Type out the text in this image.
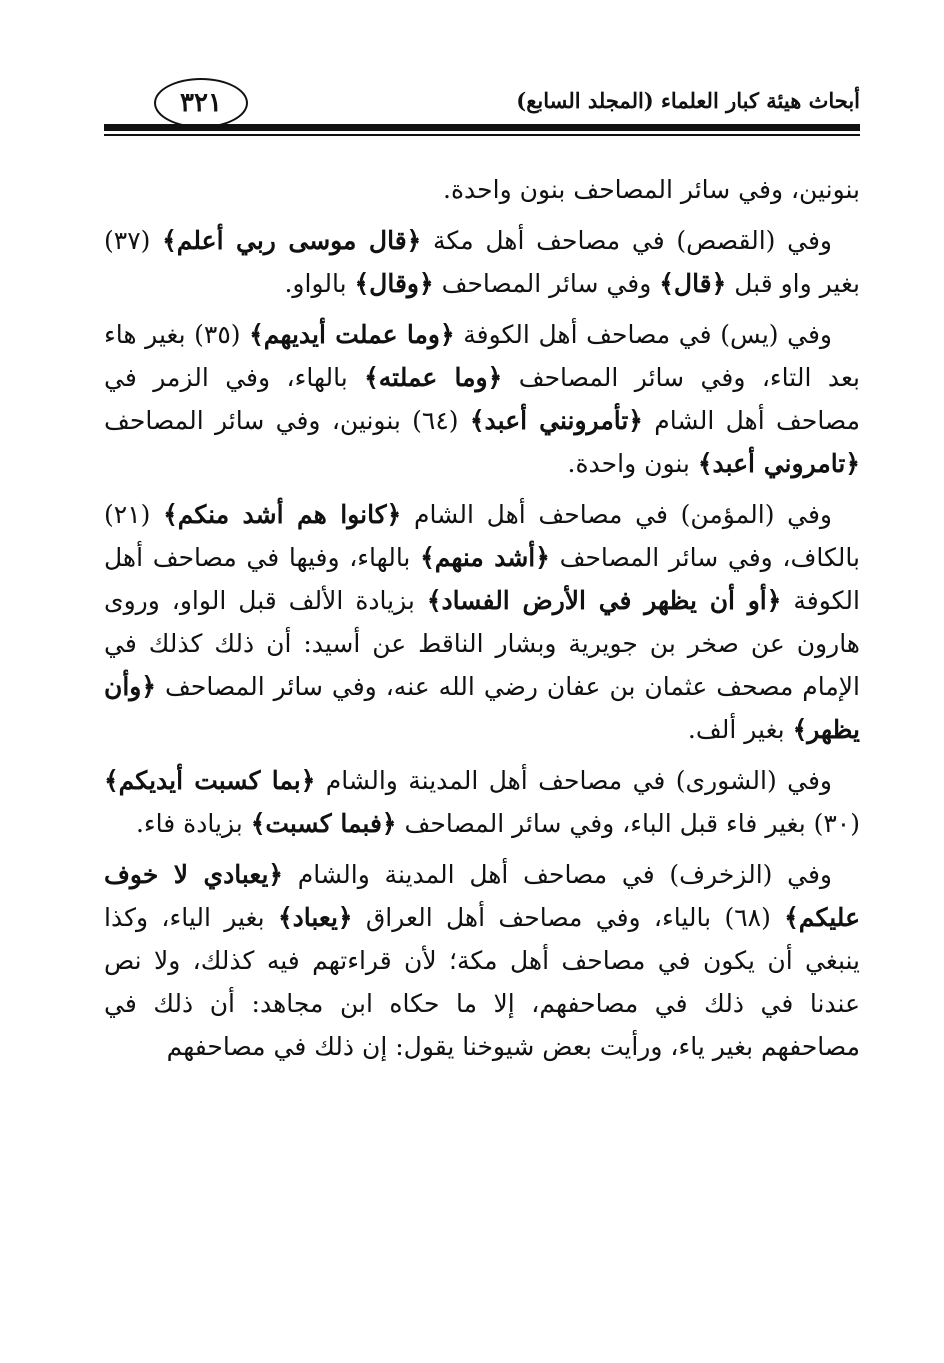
٣٢١	أبحاث هيئة كبار العلماء (المجلد السابع)

بنونين، وفي سائر المصاحف بنون واحدة.

وفي (القصص) في مصاحف أهل مكة ﴿قال موسى ربي أعلم﴾ (٣٧) بغير واو قبل ﴿قال﴾ وفي سائر المصاحف ﴿وقال﴾ بالواو.

وفي (يس) في مصاحف أهل الكوفة ﴿وما عملت أيديهم﴾ (٣٥) بغير هاء بعد التاء، وفي سائر المصاحف ﴿وما عملته﴾ بالهاء، وفي الزمر في مصاحف أهل الشام ﴿تأمرونني أعبد﴾ (٦٤) بنونين، وفي سائر المصاحف ﴿تامروني أعبد﴾ بنون واحدة.

وفي (المؤمن) في مصاحف أهل الشام ﴿كانوا هم أشد منكم﴾ (٢١) بالكاف، وفي سائر المصاحف ﴿أشد منهم﴾ بالهاء، وفيها في مصاحف أهل الكوفة ﴿أو أن يظهر في الأرض الفساد﴾ بزيادة الألف قبل الواو، وروى هارون عن صخر بن جويرية وبشار الناقط عن أسيد: أن ذلك كذلك في الإمام مصحف عثمان بن عفان رضي الله عنه، وفي سائر المصاحف ﴿وأن يظهر﴾ بغير ألف.

وفي (الشورى) في مصاحف أهل المدينة والشام ﴿بما كسبت أيديكم﴾ (٣٠) بغير فاء قبل الباء، وفي سائر المصاحف ﴿فبما كسبت﴾ بزيادة فاء.

وفي (الزخرف) في مصاحف أهل المدينة والشام ﴿يعبادي لا خوف عليكم﴾ (٦٨) بالياء، وفي مصاحف أهل العراق ﴿يعباد﴾ بغير الياء، وكذا ينبغي أن يكون في مصاحف أهل مكة؛ لأن قراءتهم فيه كذلك، ولا نص عندنا في ذلك في مصاحفهم، إلا ما حكاه ابن مجاهد: أن ذلك في مصاحفهم بغير ياء، ورأيت بعض شيوخنا يقول: إن ذلك في مصاحفهم
